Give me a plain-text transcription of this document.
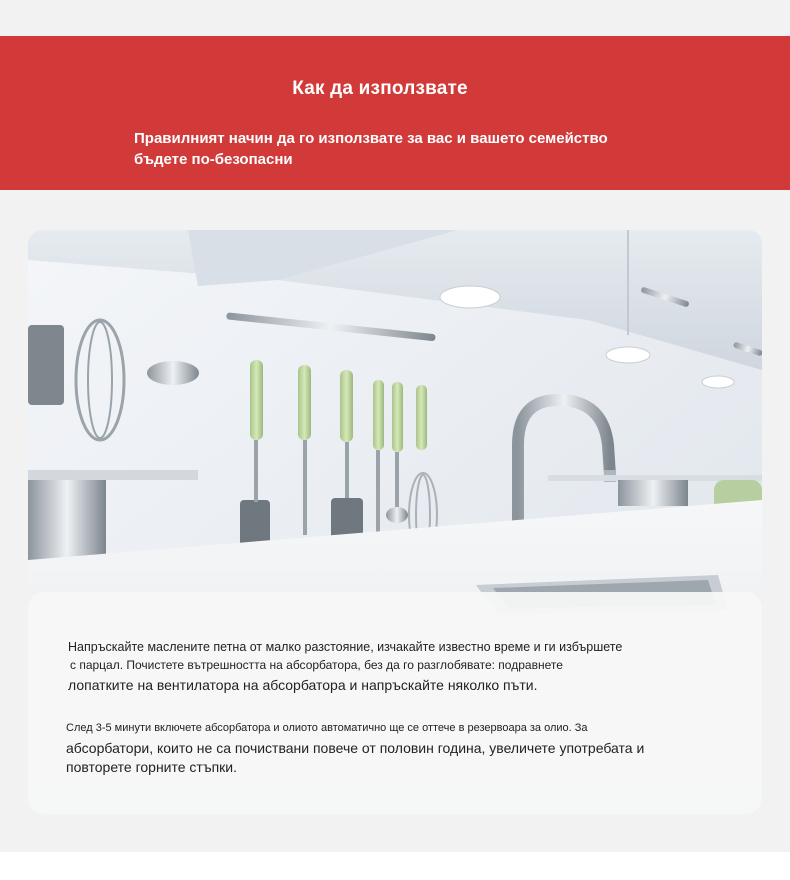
Как да използвате
Правилният начин да го използвате за вас и вашето семейство
бъдете по-безопасни
Напръскайте маслените петна от малко разстояние, изчакайте известно време и ги избършете
с парцал. Почистете вътрешността на абсорбатора, без да го разглобявате: подравнете
лопатките на вентилатора на абсорбатора и напръскайте няколко пъти.
След 3-5 минути включете абсорбатора и олиото автоматично ще се оттече в резервоара за олио. За
абсорбатори, които не са почиствани повече от половин година, увеличете употребата и
повторете горните стъпки.
